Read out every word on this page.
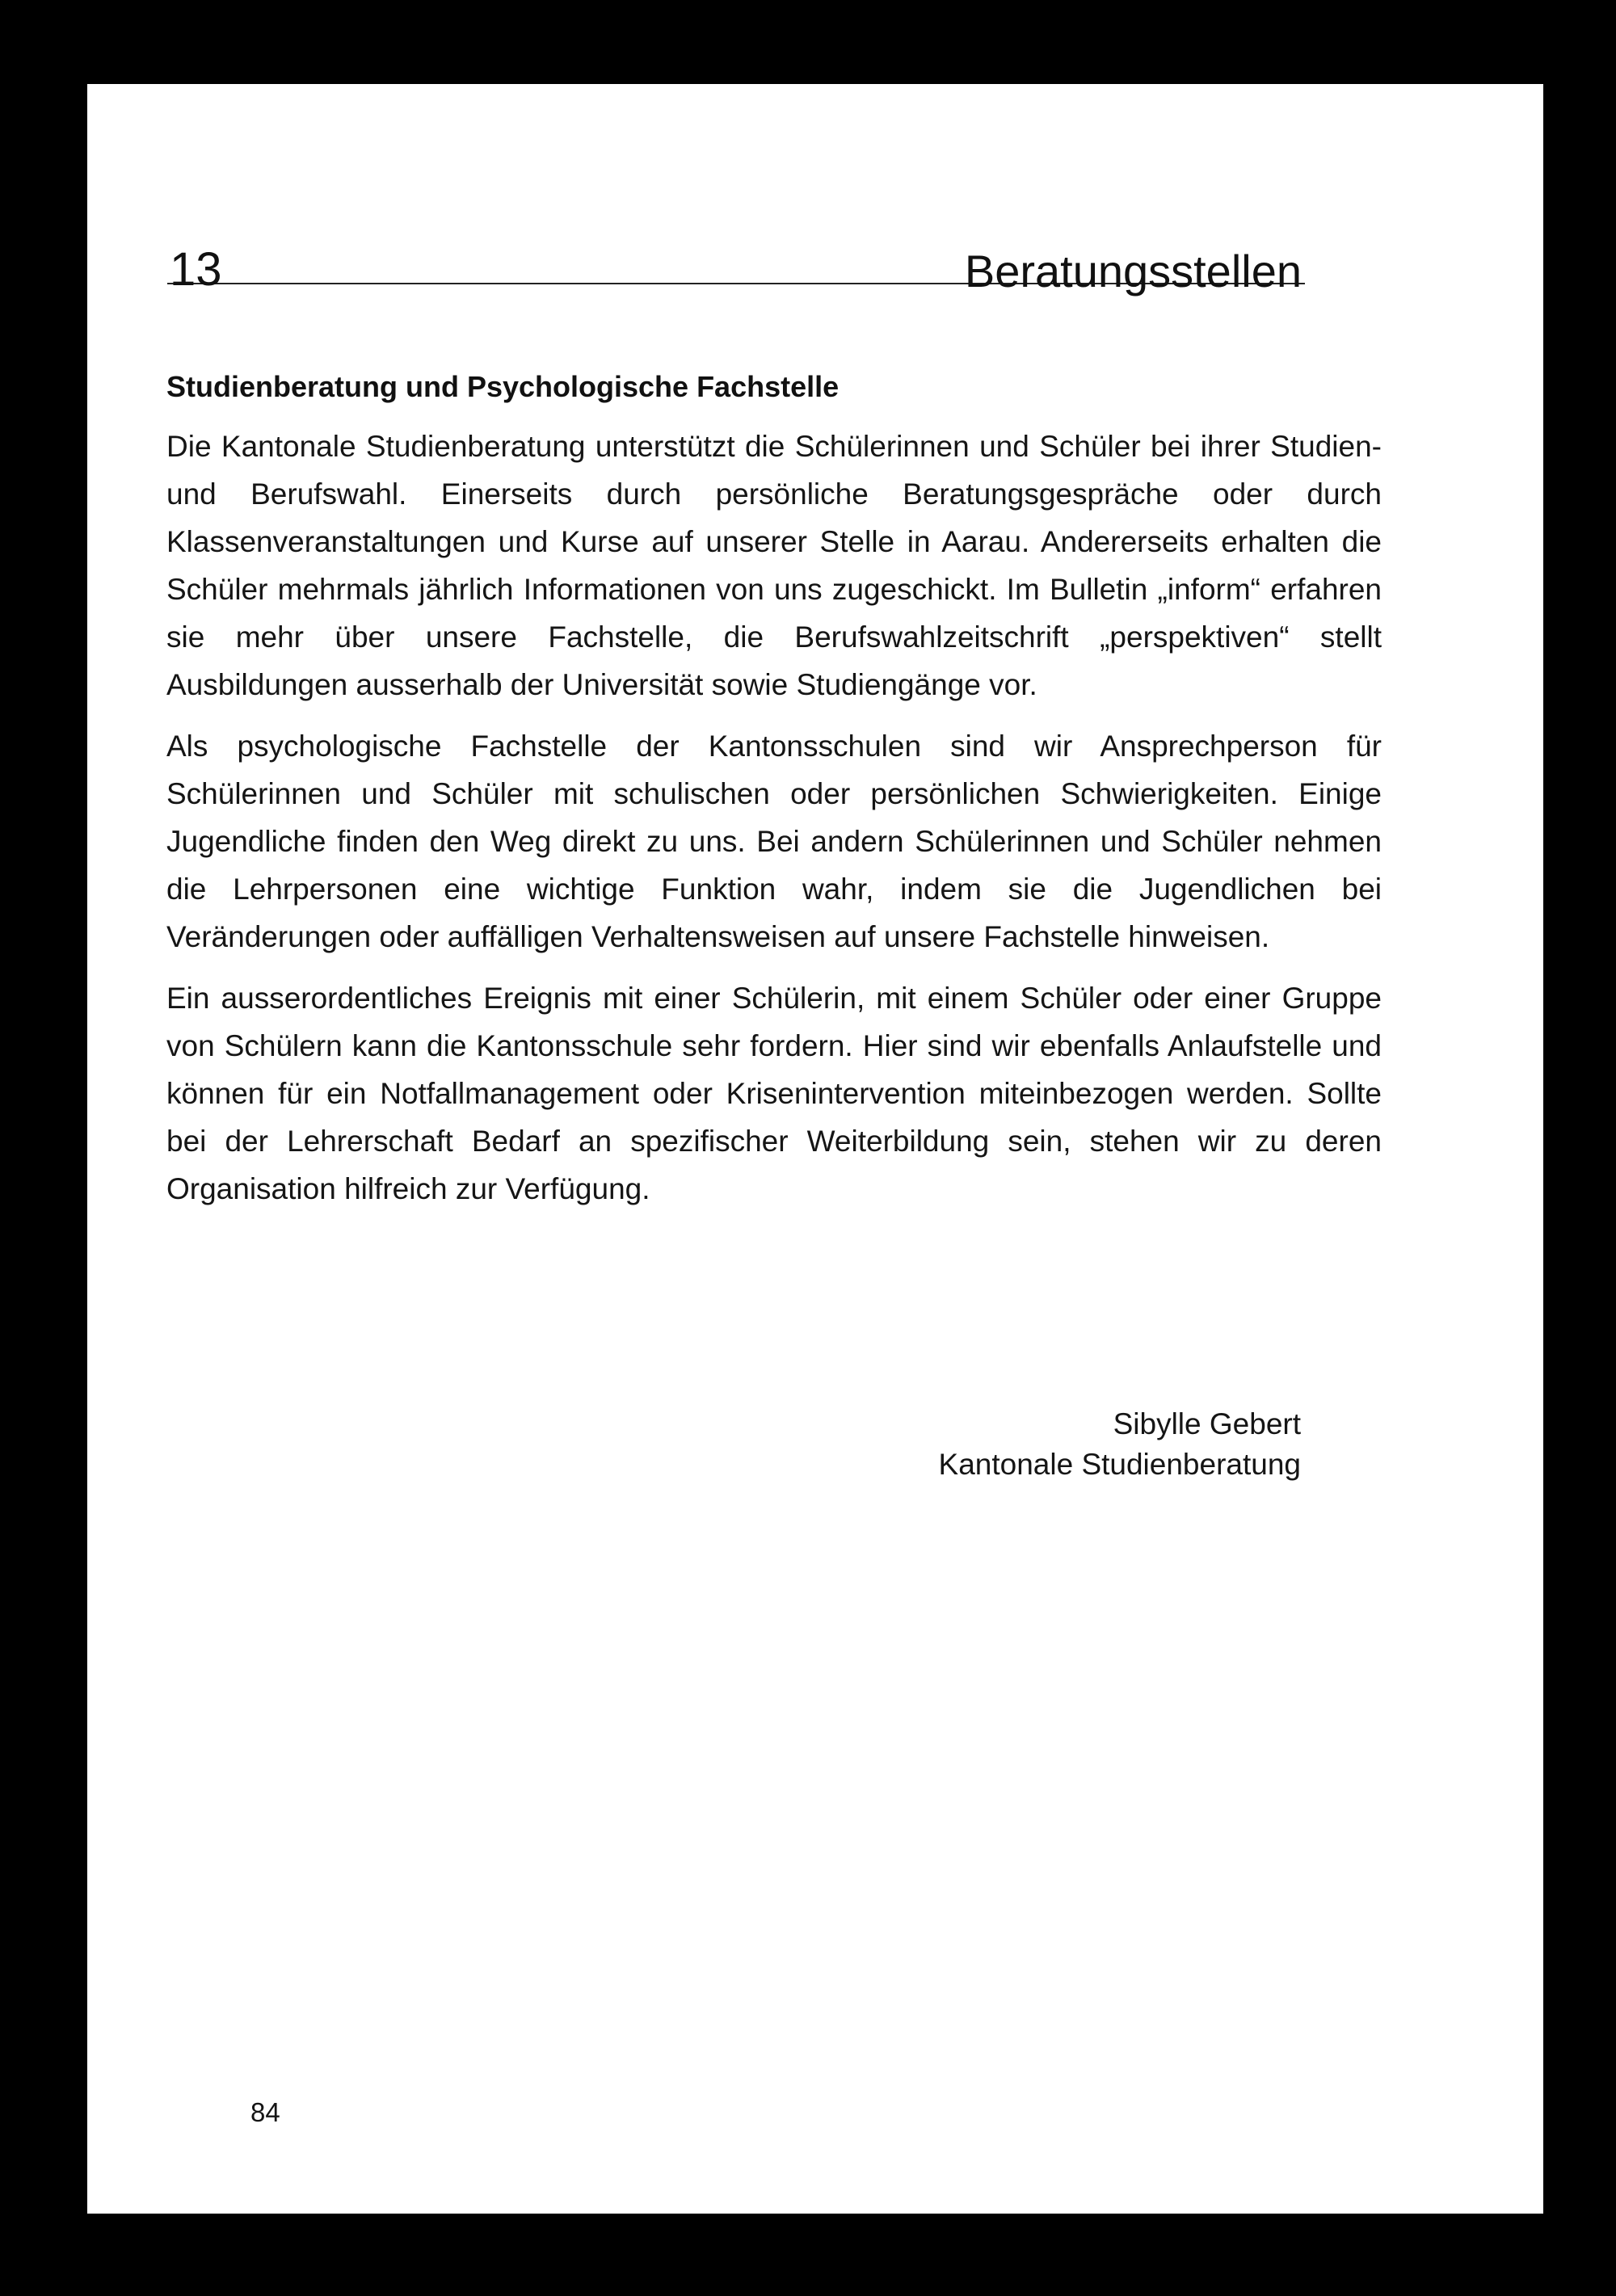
13	Beratungsstellen
Studienberatung und Psychologische Fachstelle

Die Kantonale Studienberatung unterstützt die Schülerinnen und Schüler bei ihrer Studien- und Berufswahl. Einerseits durch persönliche Beratungsgespräche oder durch Klassenveranstaltungen und Kurse auf unserer Stelle in Aarau. Andererseits erhalten die Schüler mehrmals jährlich Informationen von uns zugeschickt. Im Bulletin „inform“ erfahren sie mehr über unsere Fachstelle, die Berufswahlzeitschrift „perspektiven“ stellt Ausbildungen ausserhalb der Universität sowie Studiengänge vor.

Als psychologische Fachstelle der Kantonsschulen sind wir Ansprechperson für Schülerinnen und Schüler mit schulischen oder persönlichen Schwierigkeiten. Einige Jugendliche finden den Weg direkt zu uns. Bei andern Schülerinnen und Schüler nehmen die Lehrpersonen eine wichtige Funktion wahr, indem sie die Jugendlichen bei Veränderungen oder auffälligen Verhaltensweisen auf unsere Fachstelle hinweisen.

Ein ausserordentliches Ereignis mit einer Schülerin, mit einem Schüler oder einer Gruppe von Schülern kann die Kantonsschule sehr fordern. Hier sind wir ebenfalls Anlaufstelle und können für ein Notfallmanagement oder Krisenintervention miteinbezogen werden. Sollte bei der Lehrerschaft Bedarf an spezifischer Weiterbildung sein, stehen wir zu deren Organisation hilfreich zur Verfügung.

Sibylle Gebert
Kantonale Studienberatung
84
